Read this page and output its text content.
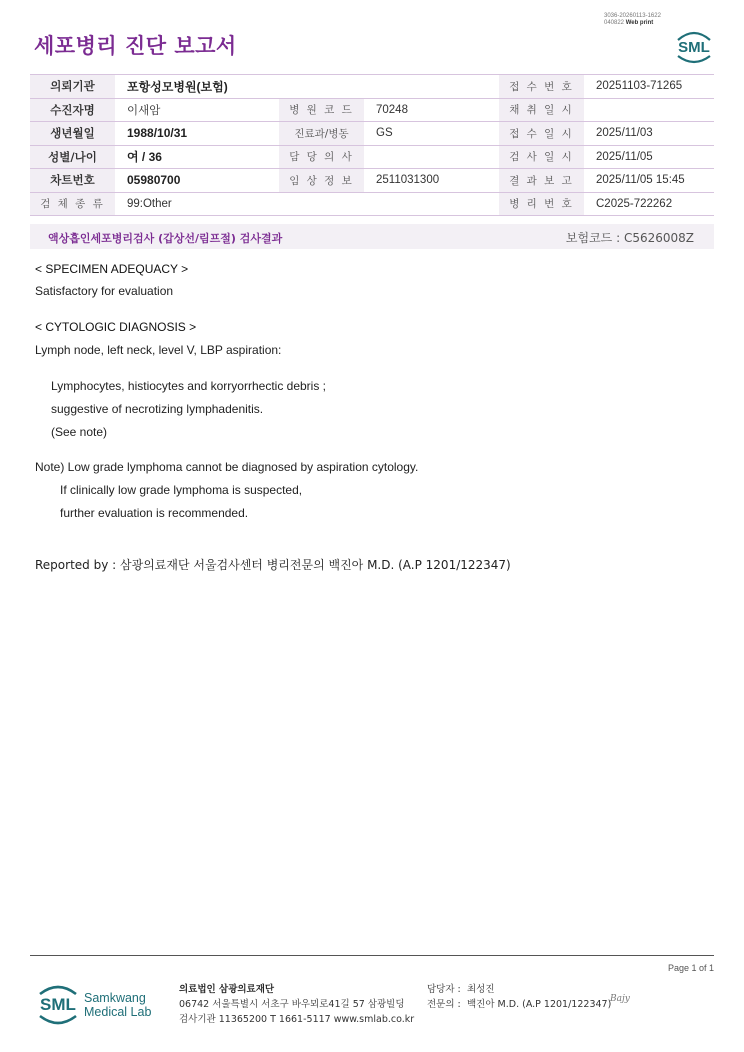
세포병리 진단 보고서
3036-20260113-1622
040822 Web print
SML
의뢰기관	포항성모병원(보험)			접 수 번 호	20251103-71265
수진자명	이새암	병 원 코 드	70248	채 취 일 시	
생년월일	1988/10/31	진료과/병동	GS	접 수 일 시	2025/11/03
성별/나이	여 / 36	담 당 의 사		검 사 일 시	2025/11/05
차트번호	05980700	임 상 정 보	2511031300	결 과 보 고	2025/11/05 15:45
검 체 종 류	99:Other			병 리 번 호	C2025-722262
액상흡인세포병리검사 (갑상선/림프절) 검사결과	보험코드 : C5626008Z
< SPECIMEN ADEQUACY >
Satisfactory for evaluation
< CYTOLOGIC DIAGNOSIS >
Lymph node, left neck, level V, LBP aspiration:
Lymphocytes, histiocytes and korryorrhectic debris ;
suggestive of necrotizing lymphadenitis.
(See note)
Note) Low grade lymphoma cannot be diagnosed by aspiration cytology.
If clinically low grade lymphoma is suspected,
further evaluation is recommended.
Reported by : 삼광의료재단 서울검사센터 병리전문의 백진아 M.D. (A.P 1201/122347)
Page 1 of 1
SML Samkwang
Medical Lab
의료법인 삼광의료재단
06742 서울특별시 서초구 바우뫼로41길 57 삼광빌딩
검사기관 11365200 T 1661-5117 www.smlab.co.kr
담당자 : 최성진
전문의 : 백진아 M.D. (A.P 1201/122347)
Bajy
